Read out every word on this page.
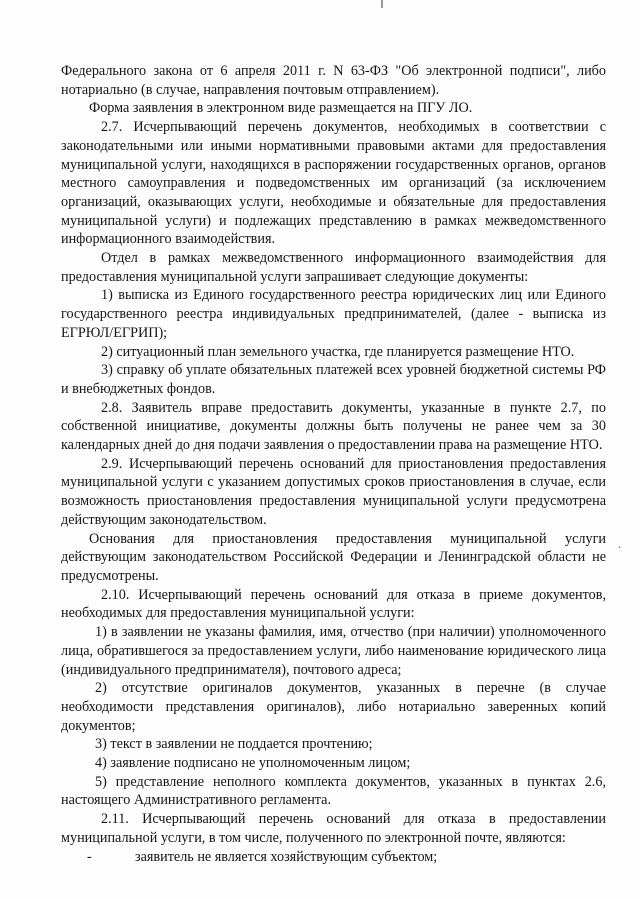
.

Федерального закона от 6 апреля 2011 г. N 63-ФЗ "Об электронной подписи", либо нотариально (в случае, направления почтовым отправлением).

Форма заявления в электронном виде размещается на ПГУ ЛО.

2.7. Исчерпывающий перечень документов, необходимых в соответствии с законодательными или иными нормативными правовыми актами для предоставления муниципальной услуги, находящихся в распоряжении государственных органов, органов местного самоуправления и подведомственных им организаций (за исключением организаций, оказывающих услуги, необходимые и обязательные для предоставления муниципальной услуги) и подлежащих представлению в рамках межведомственного информационного взаимодействия.

Отдел в рамках межведомственного информационного взаимодействия для предоставления муниципальной услуги запрашивает следующие документы:

1) выписка из Единого государственного реестра юридических лиц или Единого государственного реестра индивидуальных предпринимателей, (далее - выписка из ЕГРЮЛ/ЕГРИП);

2) ситуационный план земельного участка, где планируется размещение НТО.

3) справку об уплате обязательных платежей всех уровней бюджетной системы РФ и внебюджетных фондов.

2.8. Заявитель вправе предоставить документы, указанные в пункте 2.7, по собственной инициативе, документы должны быть получены не ранее чем за 30 календарных дней до дня подачи заявления о предоставлении права на размещение НТО.

2.9. Исчерпывающий перечень оснований для приостановления предоставления муниципальной услуги с указанием допустимых сроков приостановления в случае, если возможность приостановления предоставления муниципальной услуги предусмотрена действующим законодательством.

Основания для приостановления предоставления муниципальной услуги действующим законодательством Российской Федерации и Ленинградской области не предусмотрены.

2.10. Исчерпывающий перечень оснований для отказа в приеме документов, необходимых для предоставления муниципальной услуги:

1) в заявлении не указаны фамилия, имя, отчество (при наличии) уполномоченного лица, обратившегося за предоставлением услуги, либо наименование юридического лица (индивидуального предпринимателя), почтового адреса;

2) отсутствие оригиналов документов, указанных в перечне (в случае необходимости представления оригиналов), либо нотариально заверенных копий документов;

3) текст в заявлении не поддается прочтению;

4) заявление подписано не уполномоченным лицом;

5) представление неполного комплекта документов, указанных в пунктах 2.6, настоящего Административного регламента.

2.11. Исчерпывающий перечень оснований для отказа в предоставлении муниципальной услуги, в том числе, полученного по электронной почте, являются:

-	заявитель не является хозяйствующим субъектом;
